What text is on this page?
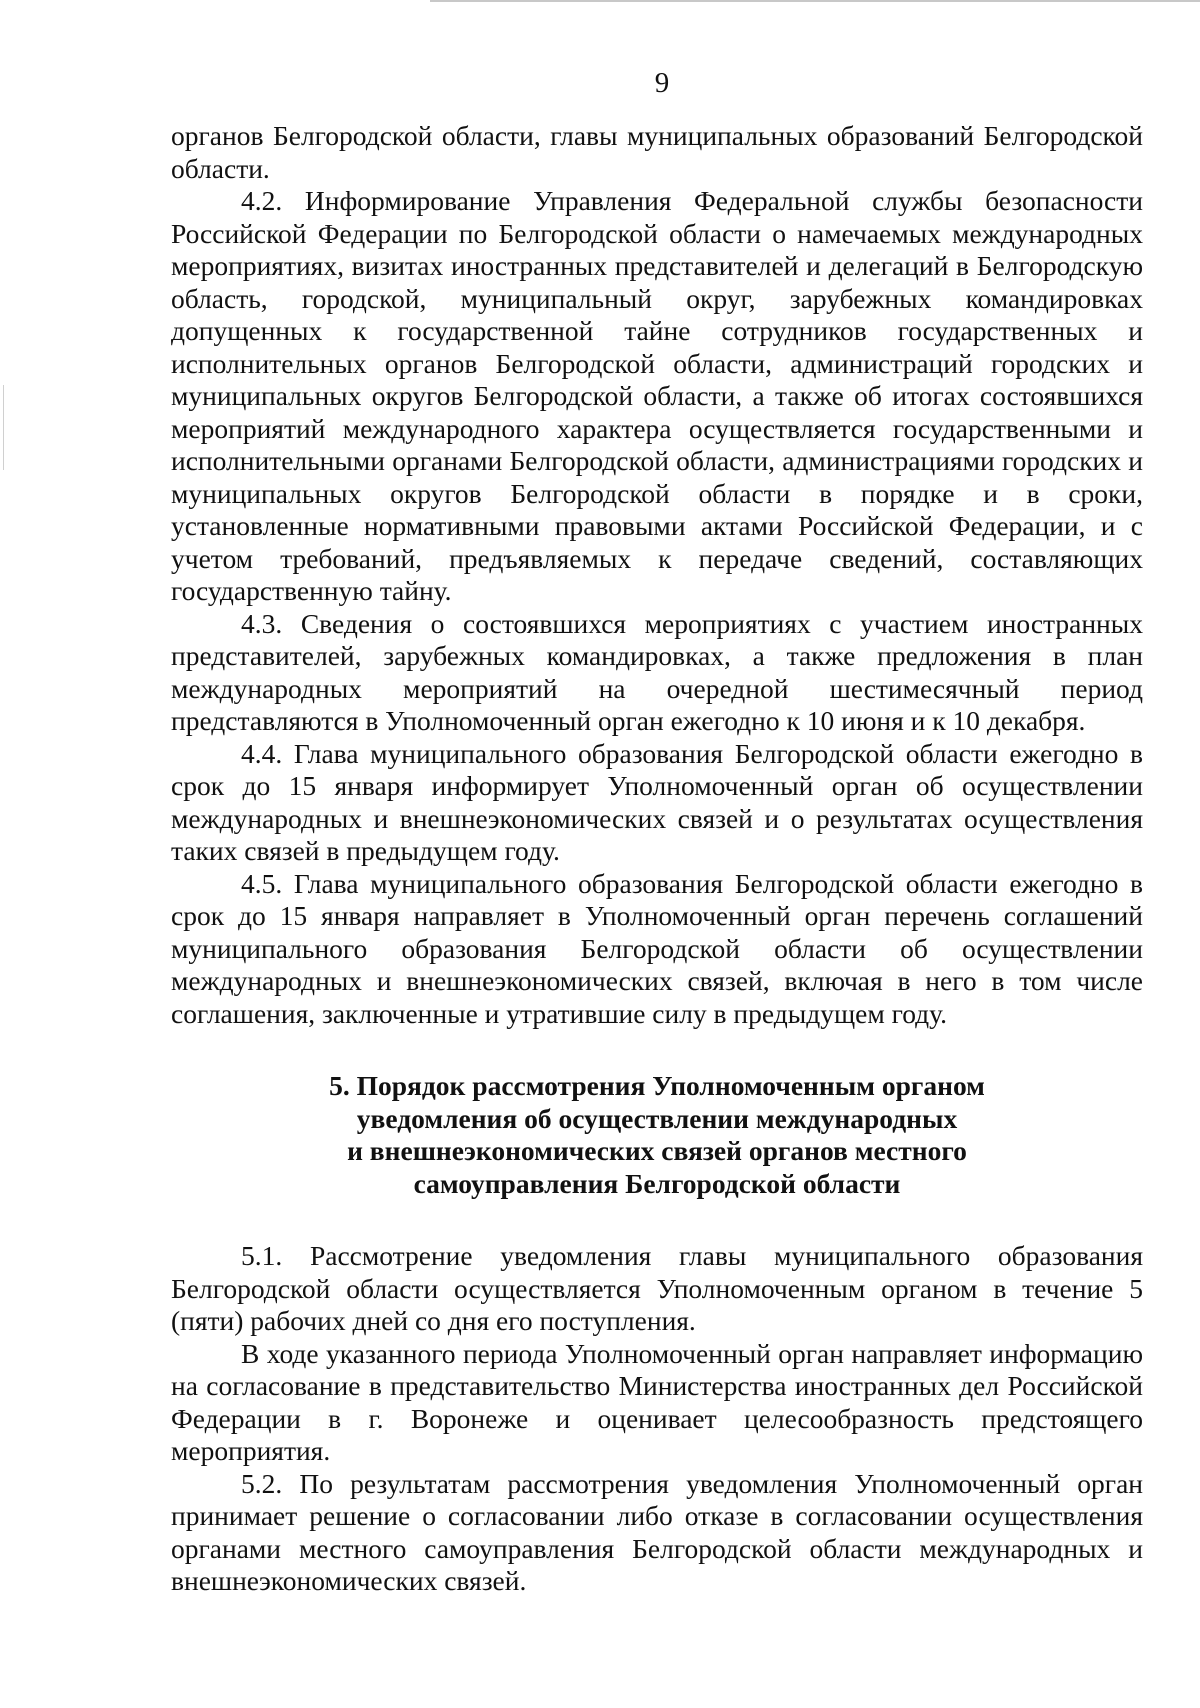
9

органов Белгородской области, главы муниципальных образований Белгородской области.

4.2. Информирование Управления Федеральной службы безопасности Российской Федерации по Белгородской области о намечаемых международных мероприятиях, визитах иностранных представителей и делегаций в Белгородскую область, городской, муниципальный округ, зарубежных командировках допущенных к государственной тайне сотрудников государственных и исполнительных органов Белгородской области, администраций городских и муниципальных округов Белгородской области, а также об итогах состоявшихся мероприятий международного характера осуществляется государственными и исполнительными органами Белгородской области, администрациями городских и муниципальных округов Белгородской области в порядке и в сроки, установленные нормативными правовыми актами Российской Федерации, и с учетом требований, предъявляемых к передаче сведений, составляющих государственную тайну.

4.3. Сведения о состоявшихся мероприятиях с участием иностранных представителей, зарубежных командировках, а также предложения в план международных мероприятий на очередной шестимесячный период представляются в Уполномоченный орган ежегодно к 10 июня и к 10 декабря.

4.4. Глава муниципального образования Белгородской области ежегодно в срок до 15 января информирует Уполномоченный орган об осуществлении международных и внешнеэкономических связей и о результатах осуществления таких связей в предыдущем году.

4.5. Глава муниципального образования Белгородской области ежегодно в срок до 15 января направляет в Уполномоченный орган перечень соглашений муниципального образования Белгородской области об осуществлении международных и внешнеэкономических связей, включая в него в том числе соглашения, заключенные и утратившие силу в предыдущем году.

5. Порядок рассмотрения Уполномоченным органом
уведомления об осуществлении международных
и внешнеэкономических связей органов местного
самоуправления Белгородской области

5.1. Рассмотрение уведомления главы муниципального образования Белгородской области осуществляется Уполномоченным органом в течение 5 (пяти) рабочих дней со дня его поступления.

В ходе указанного периода Уполномоченный орган направляет информацию на согласование в представительство Министерства иностранных дел Российской Федерации в г. Воронеже и оценивает целесообразность предстоящего мероприятия.

5.2. По результатам рассмотрения уведомления Уполномоченный орган принимает решение о согласовании либо отказе в согласовании осуществления органами местного самоуправления Белгородской области международных и внешнеэкономических связей.
